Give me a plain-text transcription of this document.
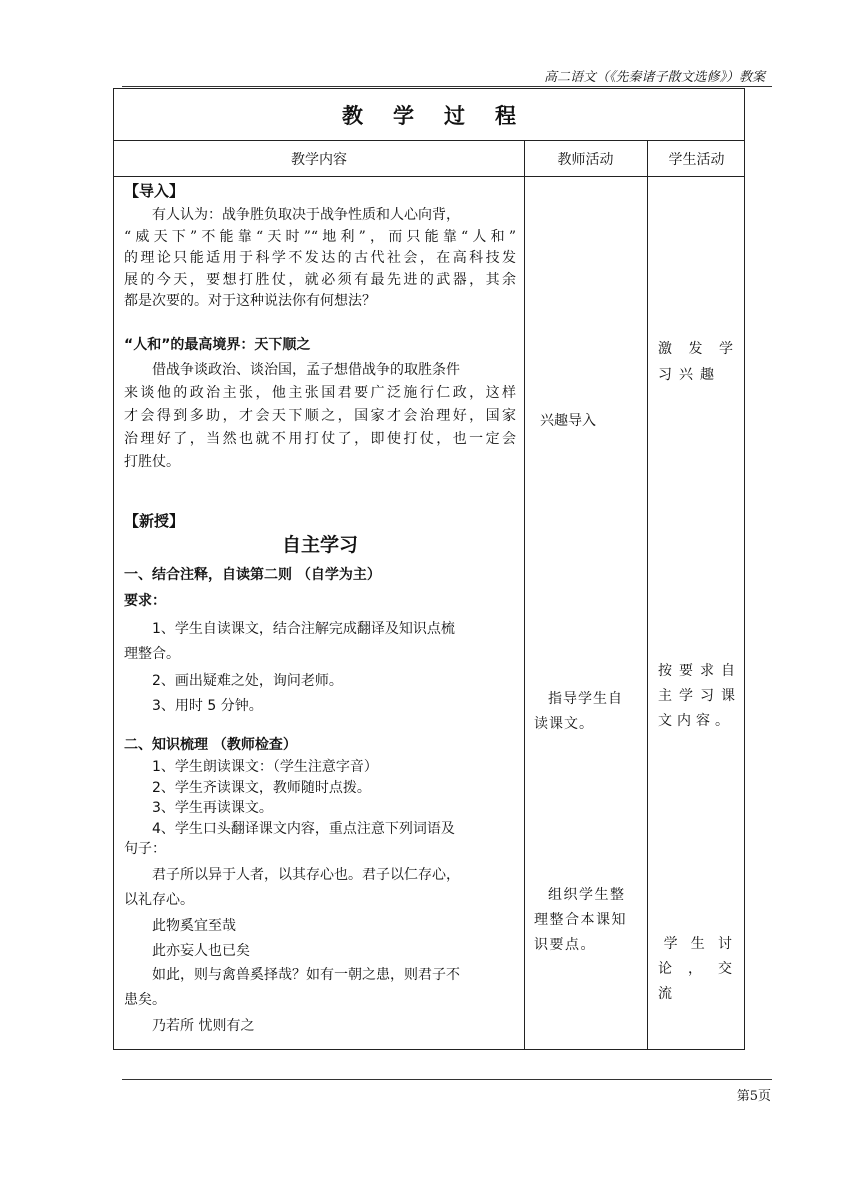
高二语文（《先秦诸子散文选修》）教案
教学过程
教学内容	教师活动	学生活动
【导入】
有人认为：战争胜负取决于战争性质和人心向背，
“威天下”不能靠“天时”“地利”，而只能靠“人和”
的理论只能适用于科学不发达的古代社会，在高科技发
展的今天，要想打胜仗，就必须有最先进的武器，其余
都是次要的。对于这种说法你有何想法？
“人和”的最高境界：天下顺之
借战争谈政治、谈治国，孟子想借战争的取胜条件
来谈他的政治主张，他主张国君要广泛施行仁政，这样
才会得到多助，才会天下顺之，国家才会治理好，国家
治理好了，当然也就不用打仗了，即使打仗，也一定会
打胜仗。
【新授】
自主学习
一、结合注释，自读第二则 （自学为主）
要求：
1、学生自读课文，结合注解完成翻译及知识点梳
理整合。
2、画出疑难之处，询问老师。
3、用时 5 分钟。
二、知识梳理 （教师检查）
1、学生朗读课文：（学生注意字音）
2、学生齐读课文，教师随时点拨。
3、学生再读课文。
4、学生口头翻译课文内容，重点注意下列词语及
句子：
君子所以异于人者，以其存心也。君子以仁存心，
以礼存心。
此物奚宜至哉
此亦妄人也已矣
如此，则与禽兽奚择哉？如有一朝之患，则君子不
患矣。
乃若所 忧则有之
兴趣导入
指导学生自读课文。
组织学生整理整合本课知识要点。
激发学习兴趣
按要求自主学习课文内容。
学生讨论，交流
第5页
